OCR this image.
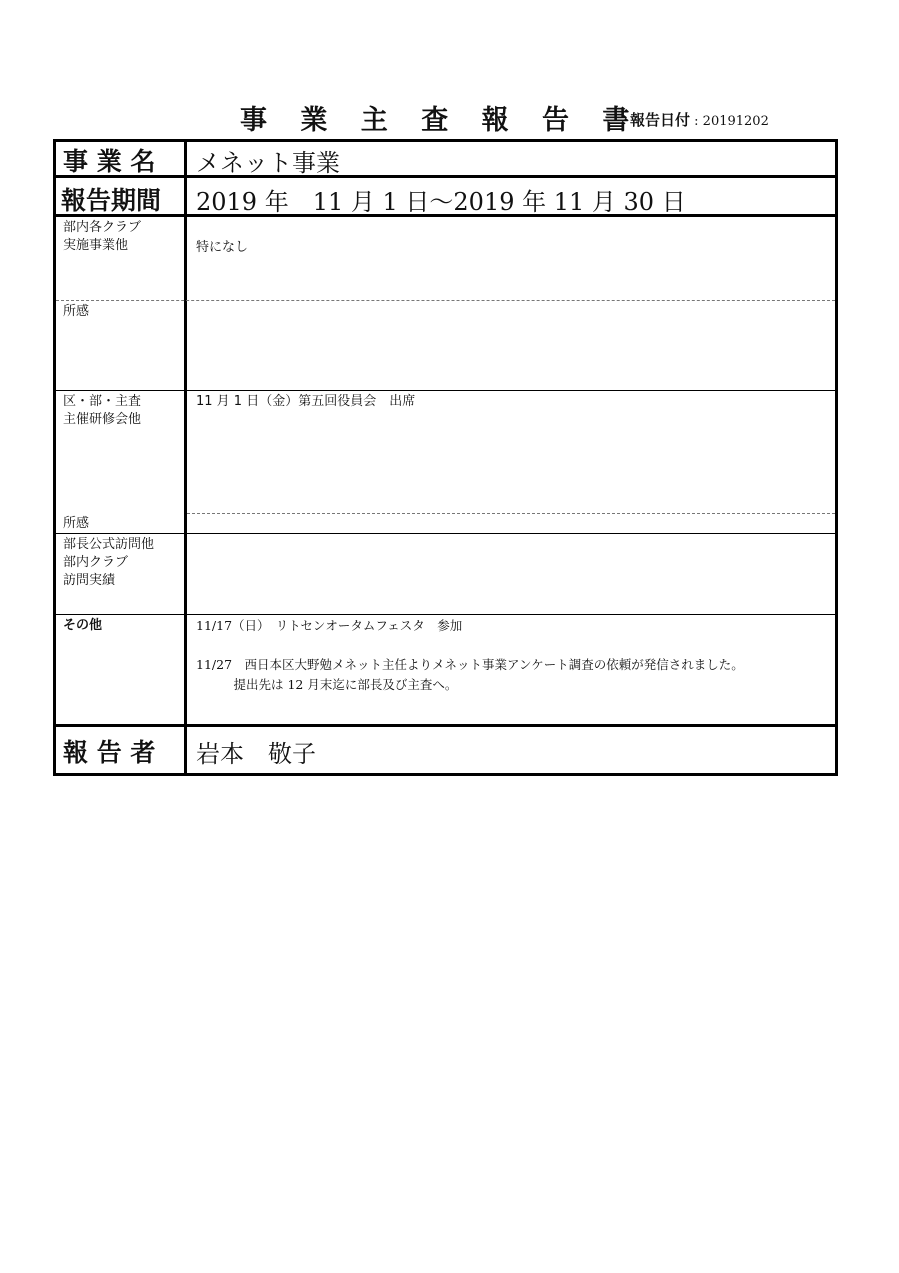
事 業 主 査 報 告 書
報告日付 : 20191202
事 業 名 メネット事業
報告期間 2019 年　11 月 1 日～2019 年 11 月 30 日
部内各クラブ
実施事業他	特になし
所感
区・部・主査
主催研修会他
11 月 1 日（金）第五回役員会　出席
所感
部長公式訪問他
部内クラブ
訪問実績
その他	11/17（日）　リトセンオータムフェスタ　参加
11/27　西日本区大野勉メネット主任よりメネット事業アンケート調査の依頼が発信されました。
　　　提出先は 12 月末迄に部長及び主査へ。
報 告 者 岩本　敬子
